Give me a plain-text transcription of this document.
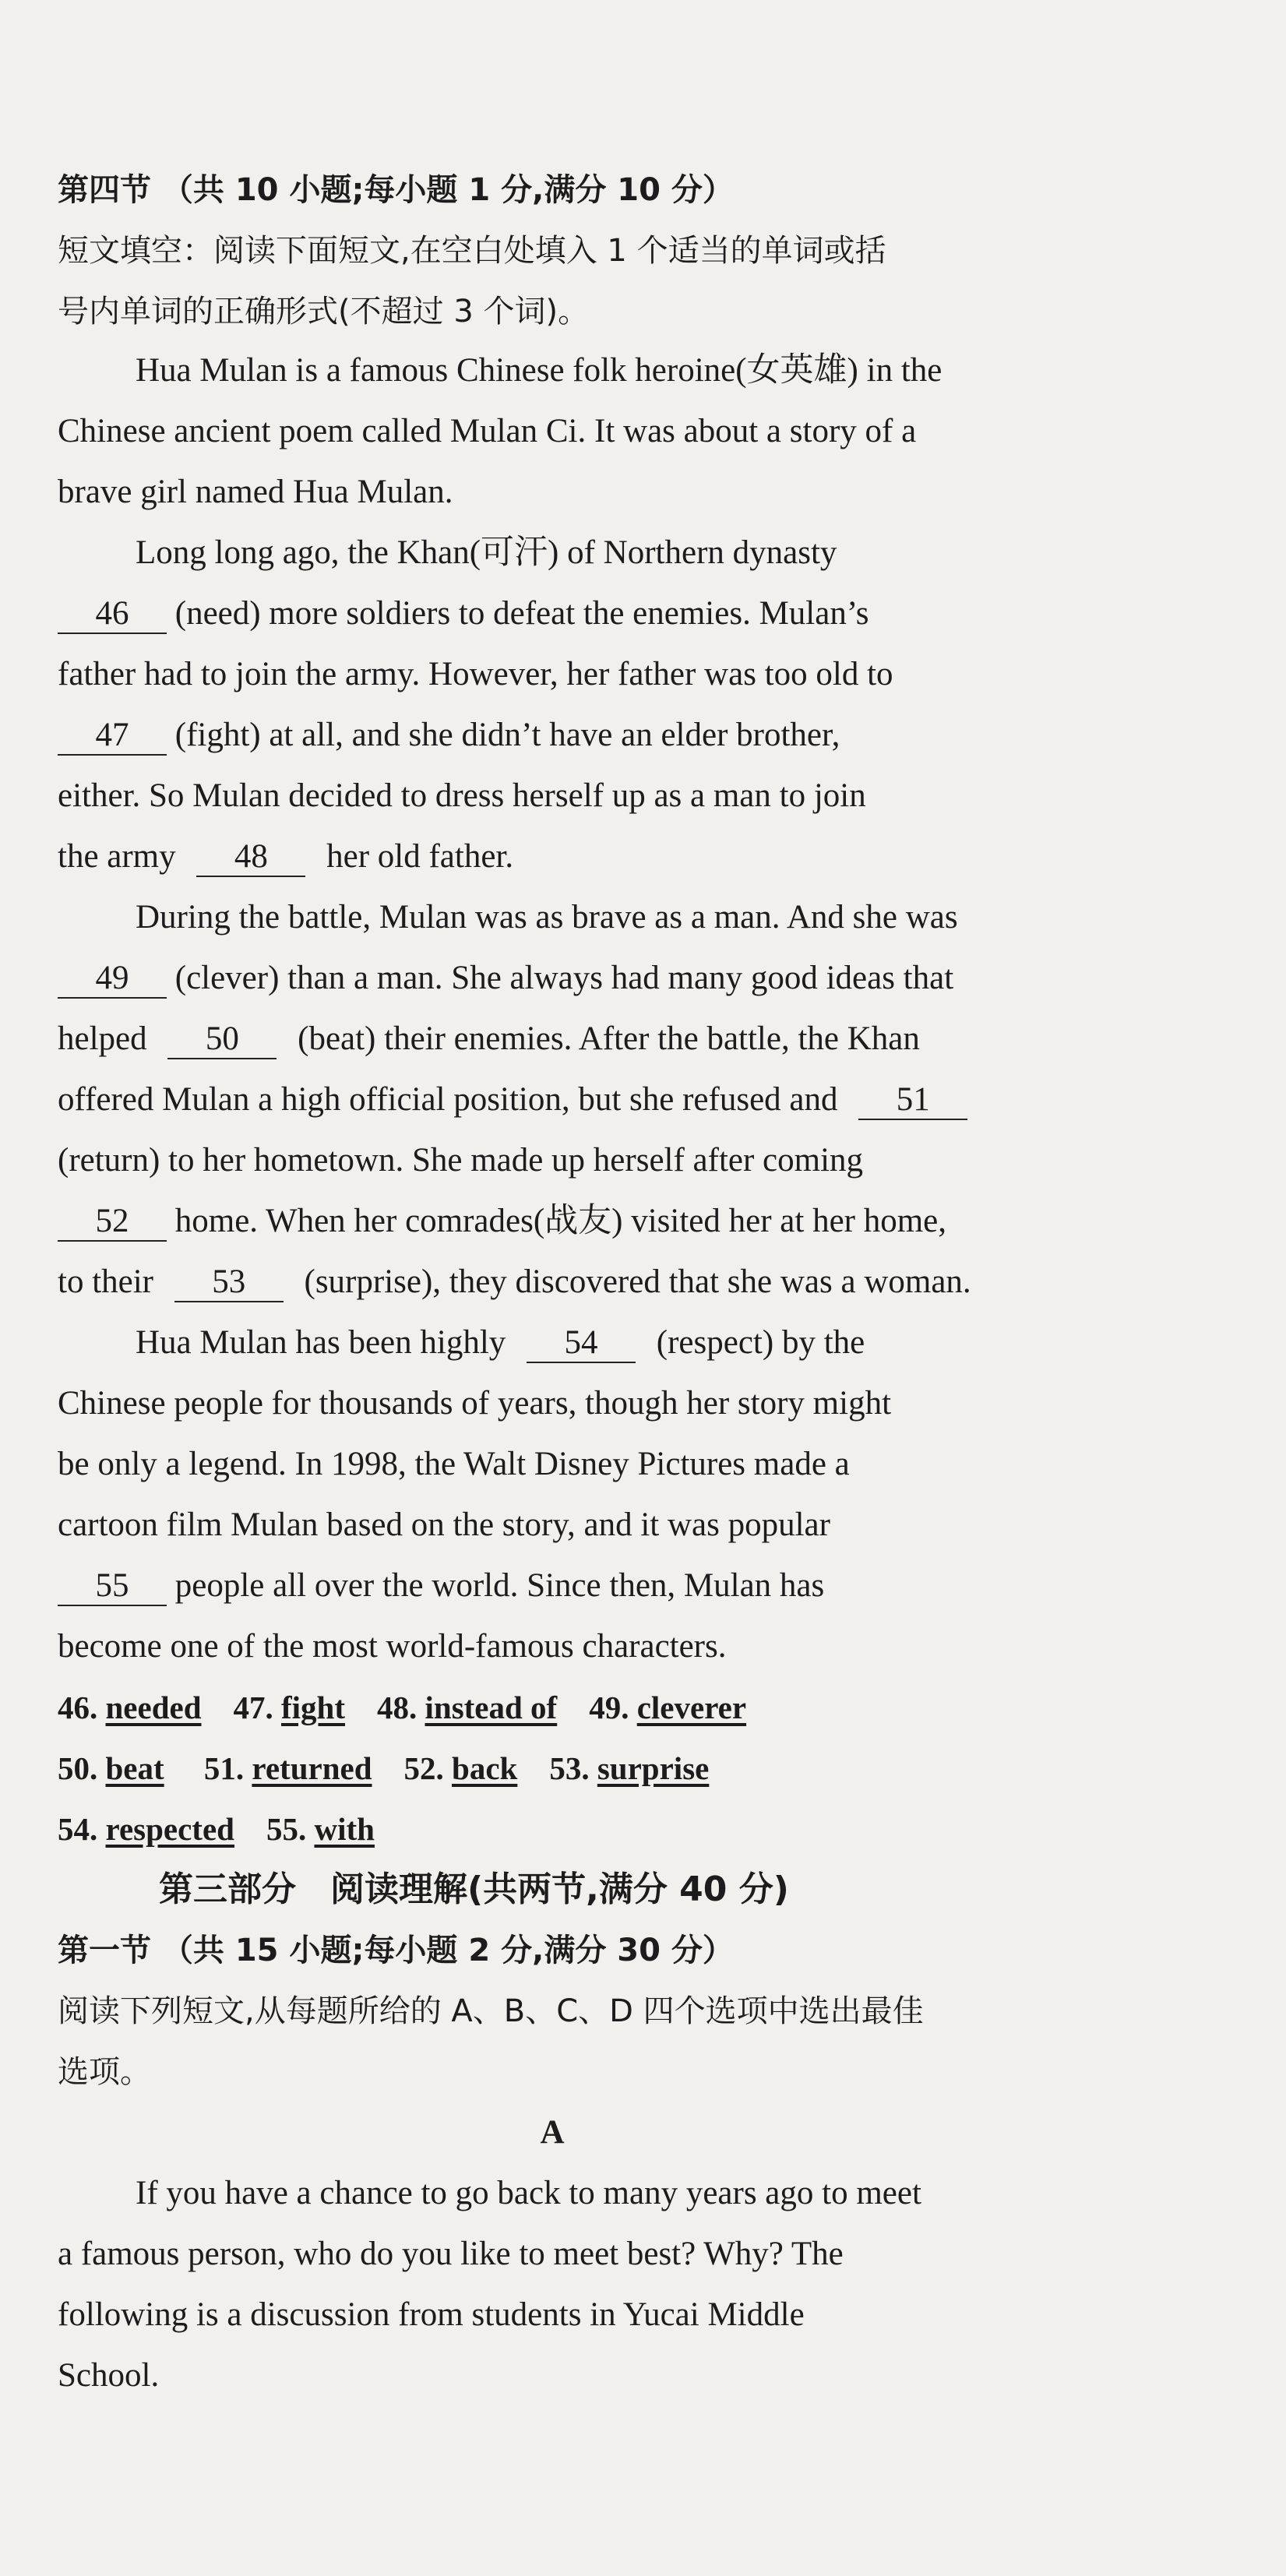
第四节 （共 10 小题;每小题 1 分,满分 10 分）
短文填空：阅读下面短文,在空白处填入 1 个适当的单词或括
号内单词的正确形式(不超过 3 个词)。
Hua Mulan is a famous Chinese folk heroine(女英雄) in the
Chinese ancient poem called Mulan Ci. It was about a story of a
brave girl named Hua Mulan.
Long long ago, the Khan(可汗) of Northern dynasty
46 (need) more soldiers to defeat the enemies. Mulan’s
father had to join the army. However, her father was too old to
47 (fight) at all, and she didn’t have an elder brother,
either. So Mulan decided to dress herself up as a man to join
the army 48 her old father.
During the battle, Mulan was as brave as a man. And she was
49 (clever) than a man. She always had many good ideas that
helped 50 (beat) their enemies. After the battle, the Khan
offered Mulan a high official position, but she refused and 51
(return) to her hometown. She made up herself after coming
52 home. When her comrades(战友) visited her at her home,
to their 53 (surprise), they discovered that she was a woman.
Hua Mulan has been highly 54 (respect) by the
Chinese people for thousands of years, though her story might
be only a legend. In 1998, the Walt Disney Pictures made a
cartoon film Mulan based on the story, and it was popular
55 people all over the world. Since then, Mulan has
become one of the most world-famous characters.
46. needed 47. fight 48. instead of 49. cleverer
50. beat 51. returned 52. back 53. surprise
54. respected 55. with
第三部分　阅读理解(共两节,满分 40 分)
第一节 （共 15 小题;每小题 2 分,满分 30 分）
阅读下列短文,从每题所给的 A、B、C、D 四个选项中选出最佳
选项。
A
If you have a chance to go back to many years ago to meet
a famous person, who do you like to meet best? Why? The
following is a discussion from students in Yucai Middle
School.
